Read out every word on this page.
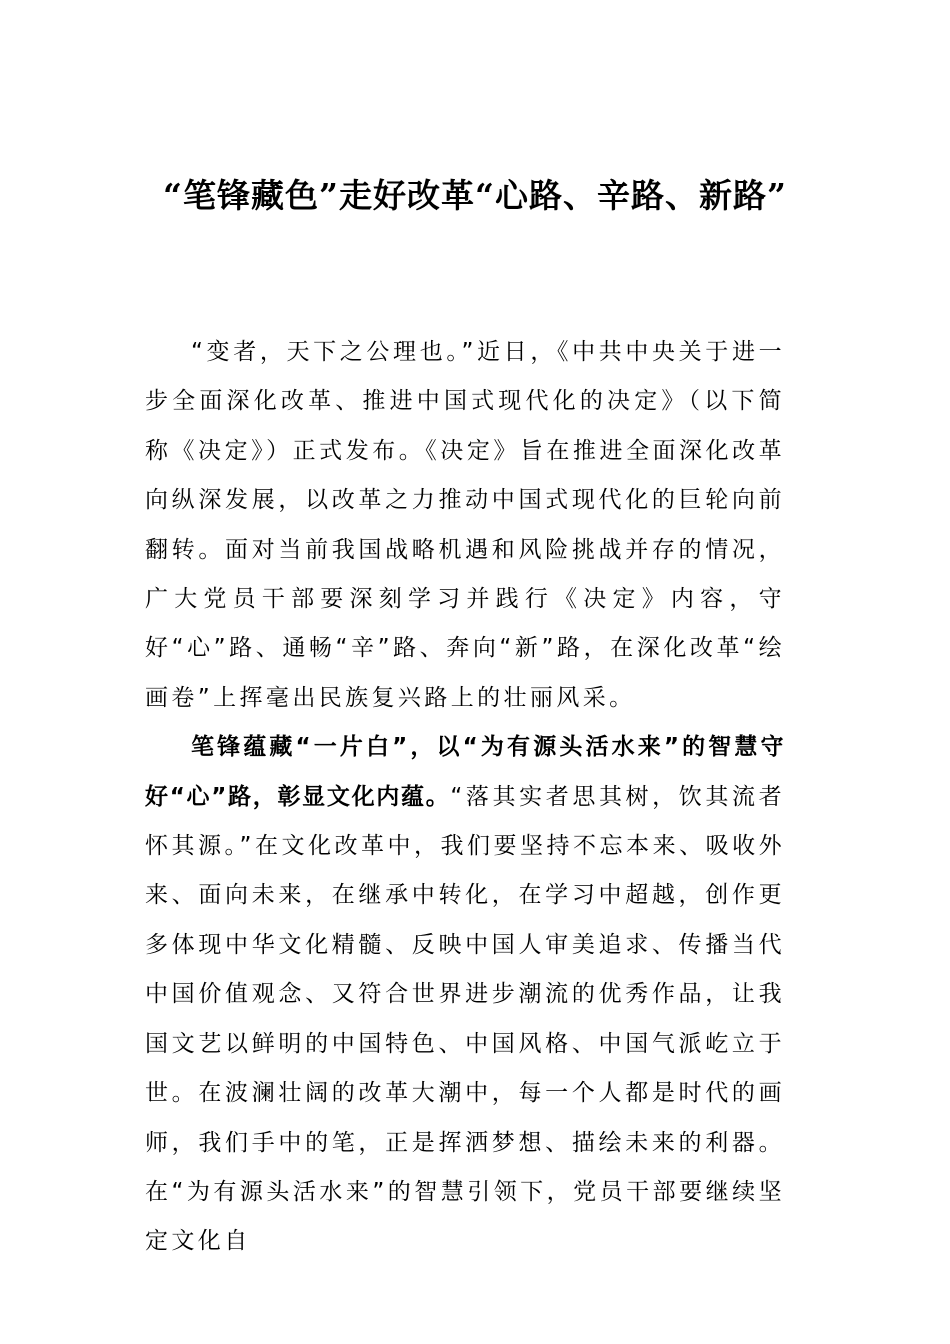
“笔锋藏色”走好改革“心路、辛路、新路”

“变者，天下之公理也。”近日，《中共中央关于进一步全面深化改革、推进中国式现代化的决定》（以下简称《决定》）正式发布。《决定》旨在推进全面深化改革向纵深发展，以改革之力推动中国式现代化的巨轮向前翻转。面对当前我国战略机遇和风险挑战并存的情况，广大党员干部要深刻学习并践行《决定》内容，守好“心”路、通畅“辛”路、奔向“新”路，在深化改革“绘画卷”上挥毫出民族复兴路上的壮丽风采。

笔锋蕴藏“一片白”，以“为有源头活水来”的智慧守好“心”路，彰显文化内蕴。“落其实者思其树，饮其流者怀其源。”在文化改革中，我们要坚持不忘本来、吸收外来、面向未来，在继承中转化，在学习中超越，创作更多体现中华文化精髓、反映中国人审美追求、传播当代中国价值观念、又符合世界进步潮流的优秀作品，让我国文艺以鲜明的中国特色、中国风格、中国气派屹立于世。在波澜壮阔的改革大潮中，每一个人都是时代的画师，我们手中的笔，正是挥洒梦想、描绘未来的利器。在“为有源头活水来”的智慧引领下，党员干部要继续坚定文化自
